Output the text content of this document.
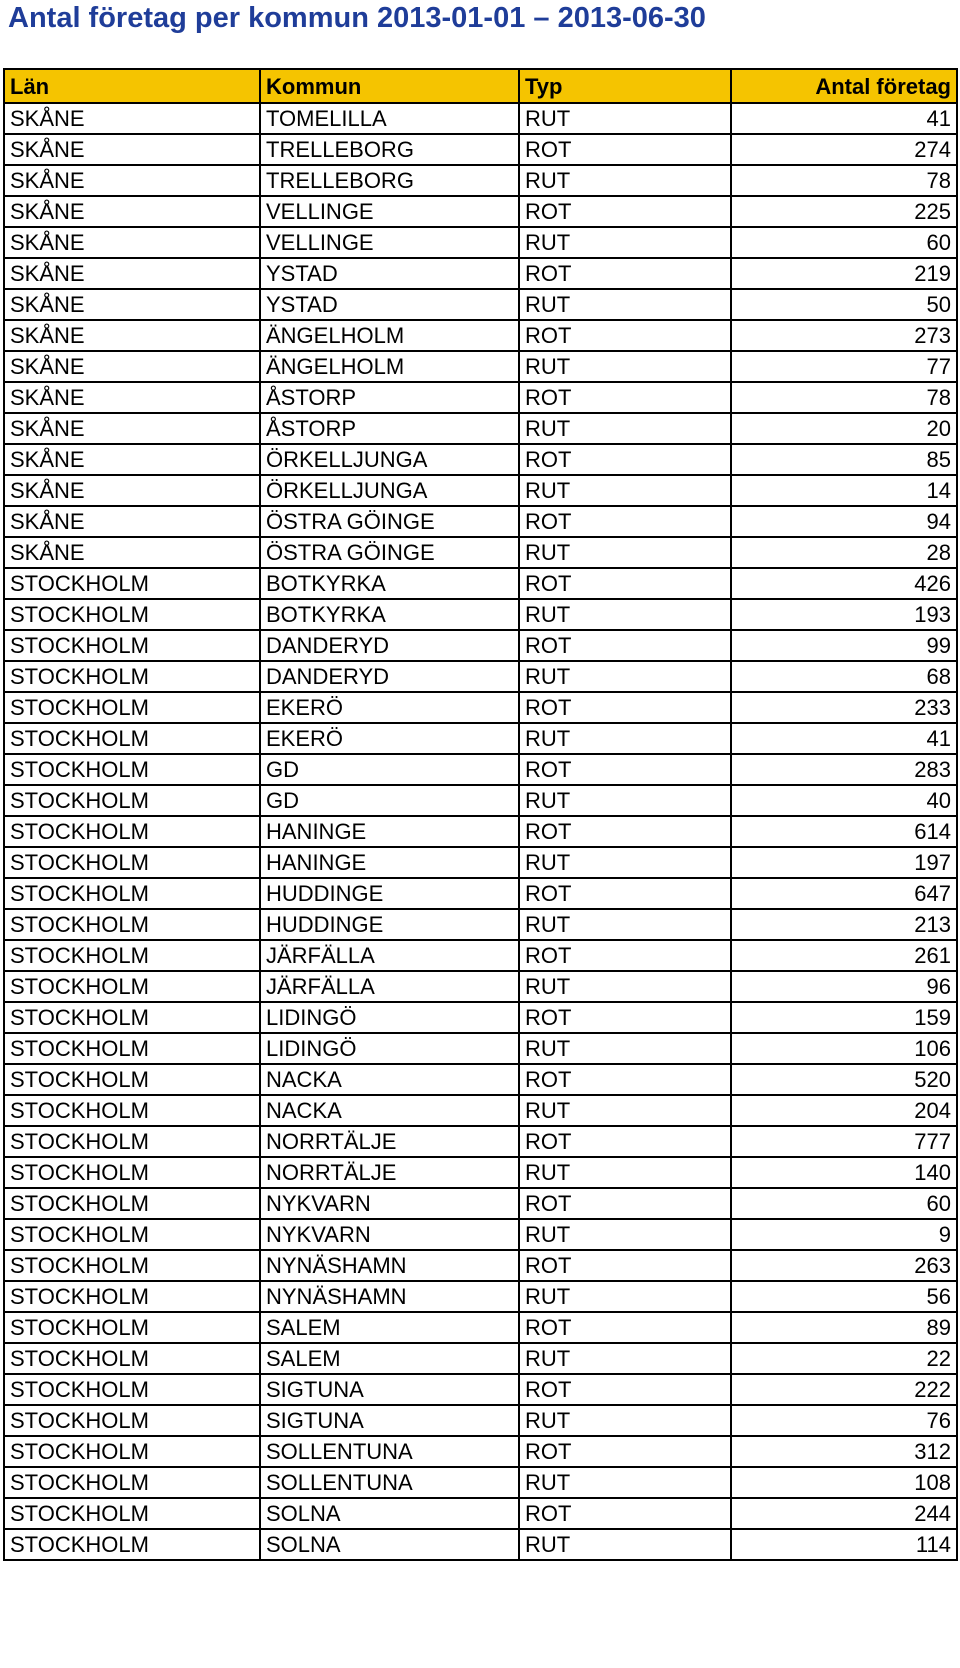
Antal företag per kommun 2013-01-01 – 2013-06-30
Län	Kommun	Typ	Antal företag
SKÅNE	TOMELILLA	RUT	41
SKÅNE	TRELLEBORG	ROT	274
SKÅNE	TRELLEBORG	RUT	78
SKÅNE	VELLINGE	ROT	225
SKÅNE	VELLINGE	RUT	60
SKÅNE	YSTAD	ROT	219
SKÅNE	YSTAD	RUT	50
SKÅNE	ÄNGELHOLM	ROT	273
SKÅNE	ÄNGELHOLM	RUT	77
SKÅNE	ÅSTORP	ROT	78
SKÅNE	ÅSTORP	RUT	20
SKÅNE	ÖRKELLJUNGA	ROT	85
SKÅNE	ÖRKELLJUNGA	RUT	14
SKÅNE	ÖSTRA GÖINGE	ROT	94
SKÅNE	ÖSTRA GÖINGE	RUT	28
STOCKHOLM	BOTKYRKA	ROT	426
STOCKHOLM	BOTKYRKA	RUT	193
STOCKHOLM	DANDERYD	ROT	99
STOCKHOLM	DANDERYD	RUT	68
STOCKHOLM	EKERÖ	ROT	233
STOCKHOLM	EKERÖ	RUT	41
STOCKHOLM	GD	ROT	283
STOCKHOLM	GD	RUT	40
STOCKHOLM	HANINGE	ROT	614
STOCKHOLM	HANINGE	RUT	197
STOCKHOLM	HUDDINGE	ROT	647
STOCKHOLM	HUDDINGE	RUT	213
STOCKHOLM	JÄRFÄLLA	ROT	261
STOCKHOLM	JÄRFÄLLA	RUT	96
STOCKHOLM	LIDINGÖ	ROT	159
STOCKHOLM	LIDINGÖ	RUT	106
STOCKHOLM	NACKA	ROT	520
STOCKHOLM	NACKA	RUT	204
STOCKHOLM	NORRTÄLJE	ROT	777
STOCKHOLM	NORRTÄLJE	RUT	140
STOCKHOLM	NYKVARN	ROT	60
STOCKHOLM	NYKVARN	RUT	9
STOCKHOLM	NYNÄSHAMN	ROT	263
STOCKHOLM	NYNÄSHAMN	RUT	56
STOCKHOLM	SALEM	ROT	89
STOCKHOLM	SALEM	RUT	22
STOCKHOLM	SIGTUNA	ROT	222
STOCKHOLM	SIGTUNA	RUT	76
STOCKHOLM	SOLLENTUNA	ROT	312
STOCKHOLM	SOLLENTUNA	RUT	108
STOCKHOLM	SOLNA	ROT	244
STOCKHOLM	SOLNA	RUT	114
